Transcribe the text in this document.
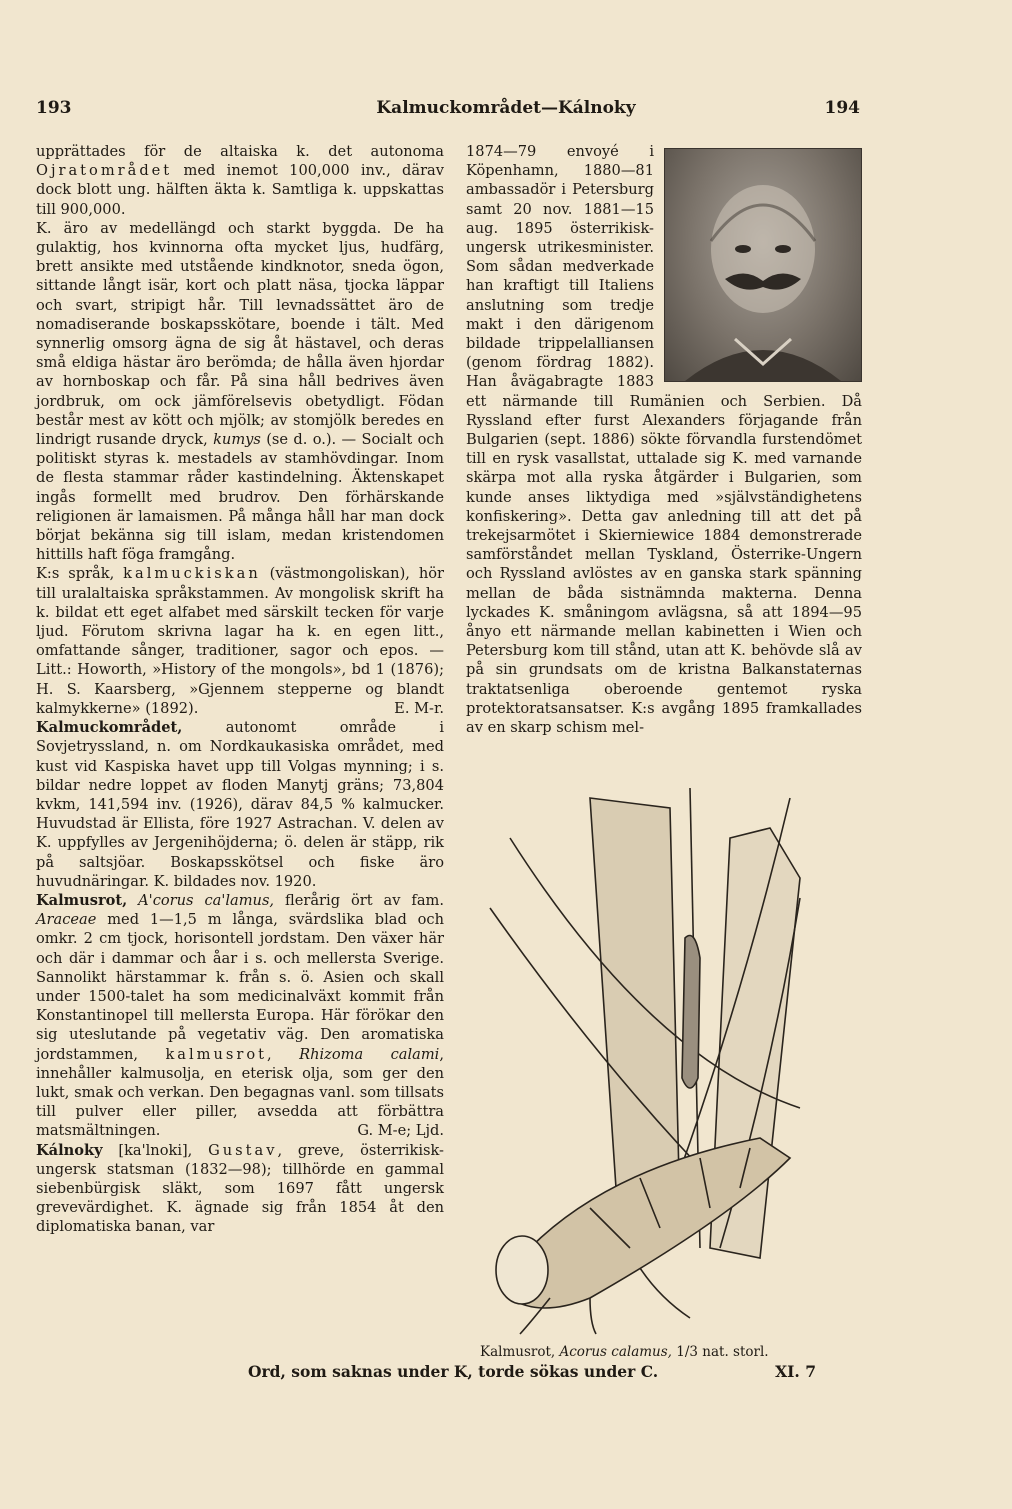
193	Kalmuckområdet—Kálnoky	194

upprättades för de altaiska k. det autonoma Ojratområdet med inemot 100,000 inv., därav dock blott ung. hälften äkta k. Samtliga k. uppskattas till 900,000.

K. äro av medellängd och starkt byggda. De ha gulaktig, hos kvinnorna ofta mycket ljus, hudfärg, brett ansikte med utstående kindknotor, sneda ögon, sittande långt isär, kort och platt näsa, tjocka läppar och svart, stripigt hår. Till levnadssättet äro de nomadiserande boskapsskötare, boende i tält. Med synnerlig omsorg ägna de sig åt hästavel, och deras små eldiga hästar äro berömda; de hålla även hjordar av hornboskap och får. På sina håll bedrives även jordbruk, om ock jämförelsevis obetydligt. Födan består mest av kött och mjölk; av stomjölk beredes en lindrigt rusande dryck, kumys (se d. o.). — Socialt och politiskt styras k. mestadels av stamhövdingar. Inom de flesta stammar råder kastindelning. Äktenskapet ingås formellt med brudrov. Den förhärskande religionen är lamaismen. På många håll har man dock börjat bekänna sig till islam, medan kristendomen hittills haft föga framgång.

K:s språk, kalmuckiskan (västmongoliskan), hör till uralaltaiska språkstammen. Av mongolisk skrift ha k. bildat ett eget alfabet med särskilt tecken för varje ljud. Förutom skrivna lagar ha k. en egen litt., omfattande sånger, traditioner, sagor och epos. — Litt.: Howorth, »History of the mongols», bd 1 (1876); H. S. Kaarsberg, »Gjennem stepperne og blandt kalmykkerne» (1892).	E. M-r.

Kalmuckområdet, autonomt område i Sovjetryssland, n. om Nordkaukasiska området, med kust vid Kaspiska havet upp till Volgas mynning; i s. bildar nedre loppet av floden Manytj gräns; 73,804 kvkm, 141,594 inv. (1926), därav 84,5 % kalmucker. Huvudstad är Ellista, före 1927 Astrachan. V. delen av K. uppfylles av Jergenihöjderna; ö. delen är stäpp, rik på saltsjöar. Boskapsskötsel och fiske äro huvudnäringar. K. bildades nov. 1920.

Kalmusrot, A'corus ca'lamus, flerårig ört av fam. Araceae med 1—1,5 m långa, svärdslika blad och omkr. 2 cm tjock, horisontell jordstam. Den växer här och där i dammar och åar i s. och mellersta Sverige. Sannolikt härstammar k. från s. ö. Asien och skall under 1500-talet ha som medicinalväxt kommit från Konstantinopel till mellersta Europa. Här förökar den sig uteslutande på vegetativ väg. Den aromatiska jordstammen, kalmusrot, Rhizoma calami, innehåller kalmusolja, en eterisk olja, som ger den lukt, smak och verkan. Den begagnas vanl. som tillsats till pulver eller piller, avsedda att förbättra matsmältningen.	G. M-e; Ljd.

Kálnoky [ka'lnoki], Gustav, greve, österrikisk-ungersk statsman (1832—98); tillhörde en gammal siebenbürgisk släkt, som 1697 fått ungersk grevevärdighet. K. ägnade sig från 1854 åt den diplomatiska banan, var

1874—79 envoyé i Köpenhamn, 1880—81 ambassadör i Petersburg samt 20 nov. 1881—15 aug. 1895 österrikisk-ungersk utrikesminister. Som sådan medverkade han kraftigt till Italiens anslutning som tredje makt i den därigenom bildade trippelalliansen (genom fördrag 1882). Han åvägabragte 1883 ett närmande till Rumänien och Serbien. Då Ryssland efter furst Alexanders förjagande från Bulgarien (sept. 1886) sökte förvandla furstendömet till en rysk vasallstat, uttalade sig K. med varnande skärpa mot alla ryska åtgärder i Bulgarien, som kunde anses liktydiga med »självständighetens konfiskering». Detta gav anledning till att det på trekejsarmötet i Skierniewice 1884 demonstrerade samförståndet mellan Tyskland, Österrike-Ungern och Ryssland avlöstes av en ganska stark spänning mellan de båda sistnämnda makterna. Denna lyckades K. småningom avlägsna, så att 1894—95 ånyo ett närmande mellan kabinetten i Wien och Petersburg kom till stånd, utan att K. behövde slå av på sin grundsats om de kristna Balkanstaternas traktatsenliga oberoende gentemot ryska protektoratsansatser. K:s avgång 1895 framkallades av en skarp schism mel-

Kalmusrot, Acorus calamus, 1/3 nat. storl.
Ord, som saknas under K, torde sökas under C.	XI. 7
